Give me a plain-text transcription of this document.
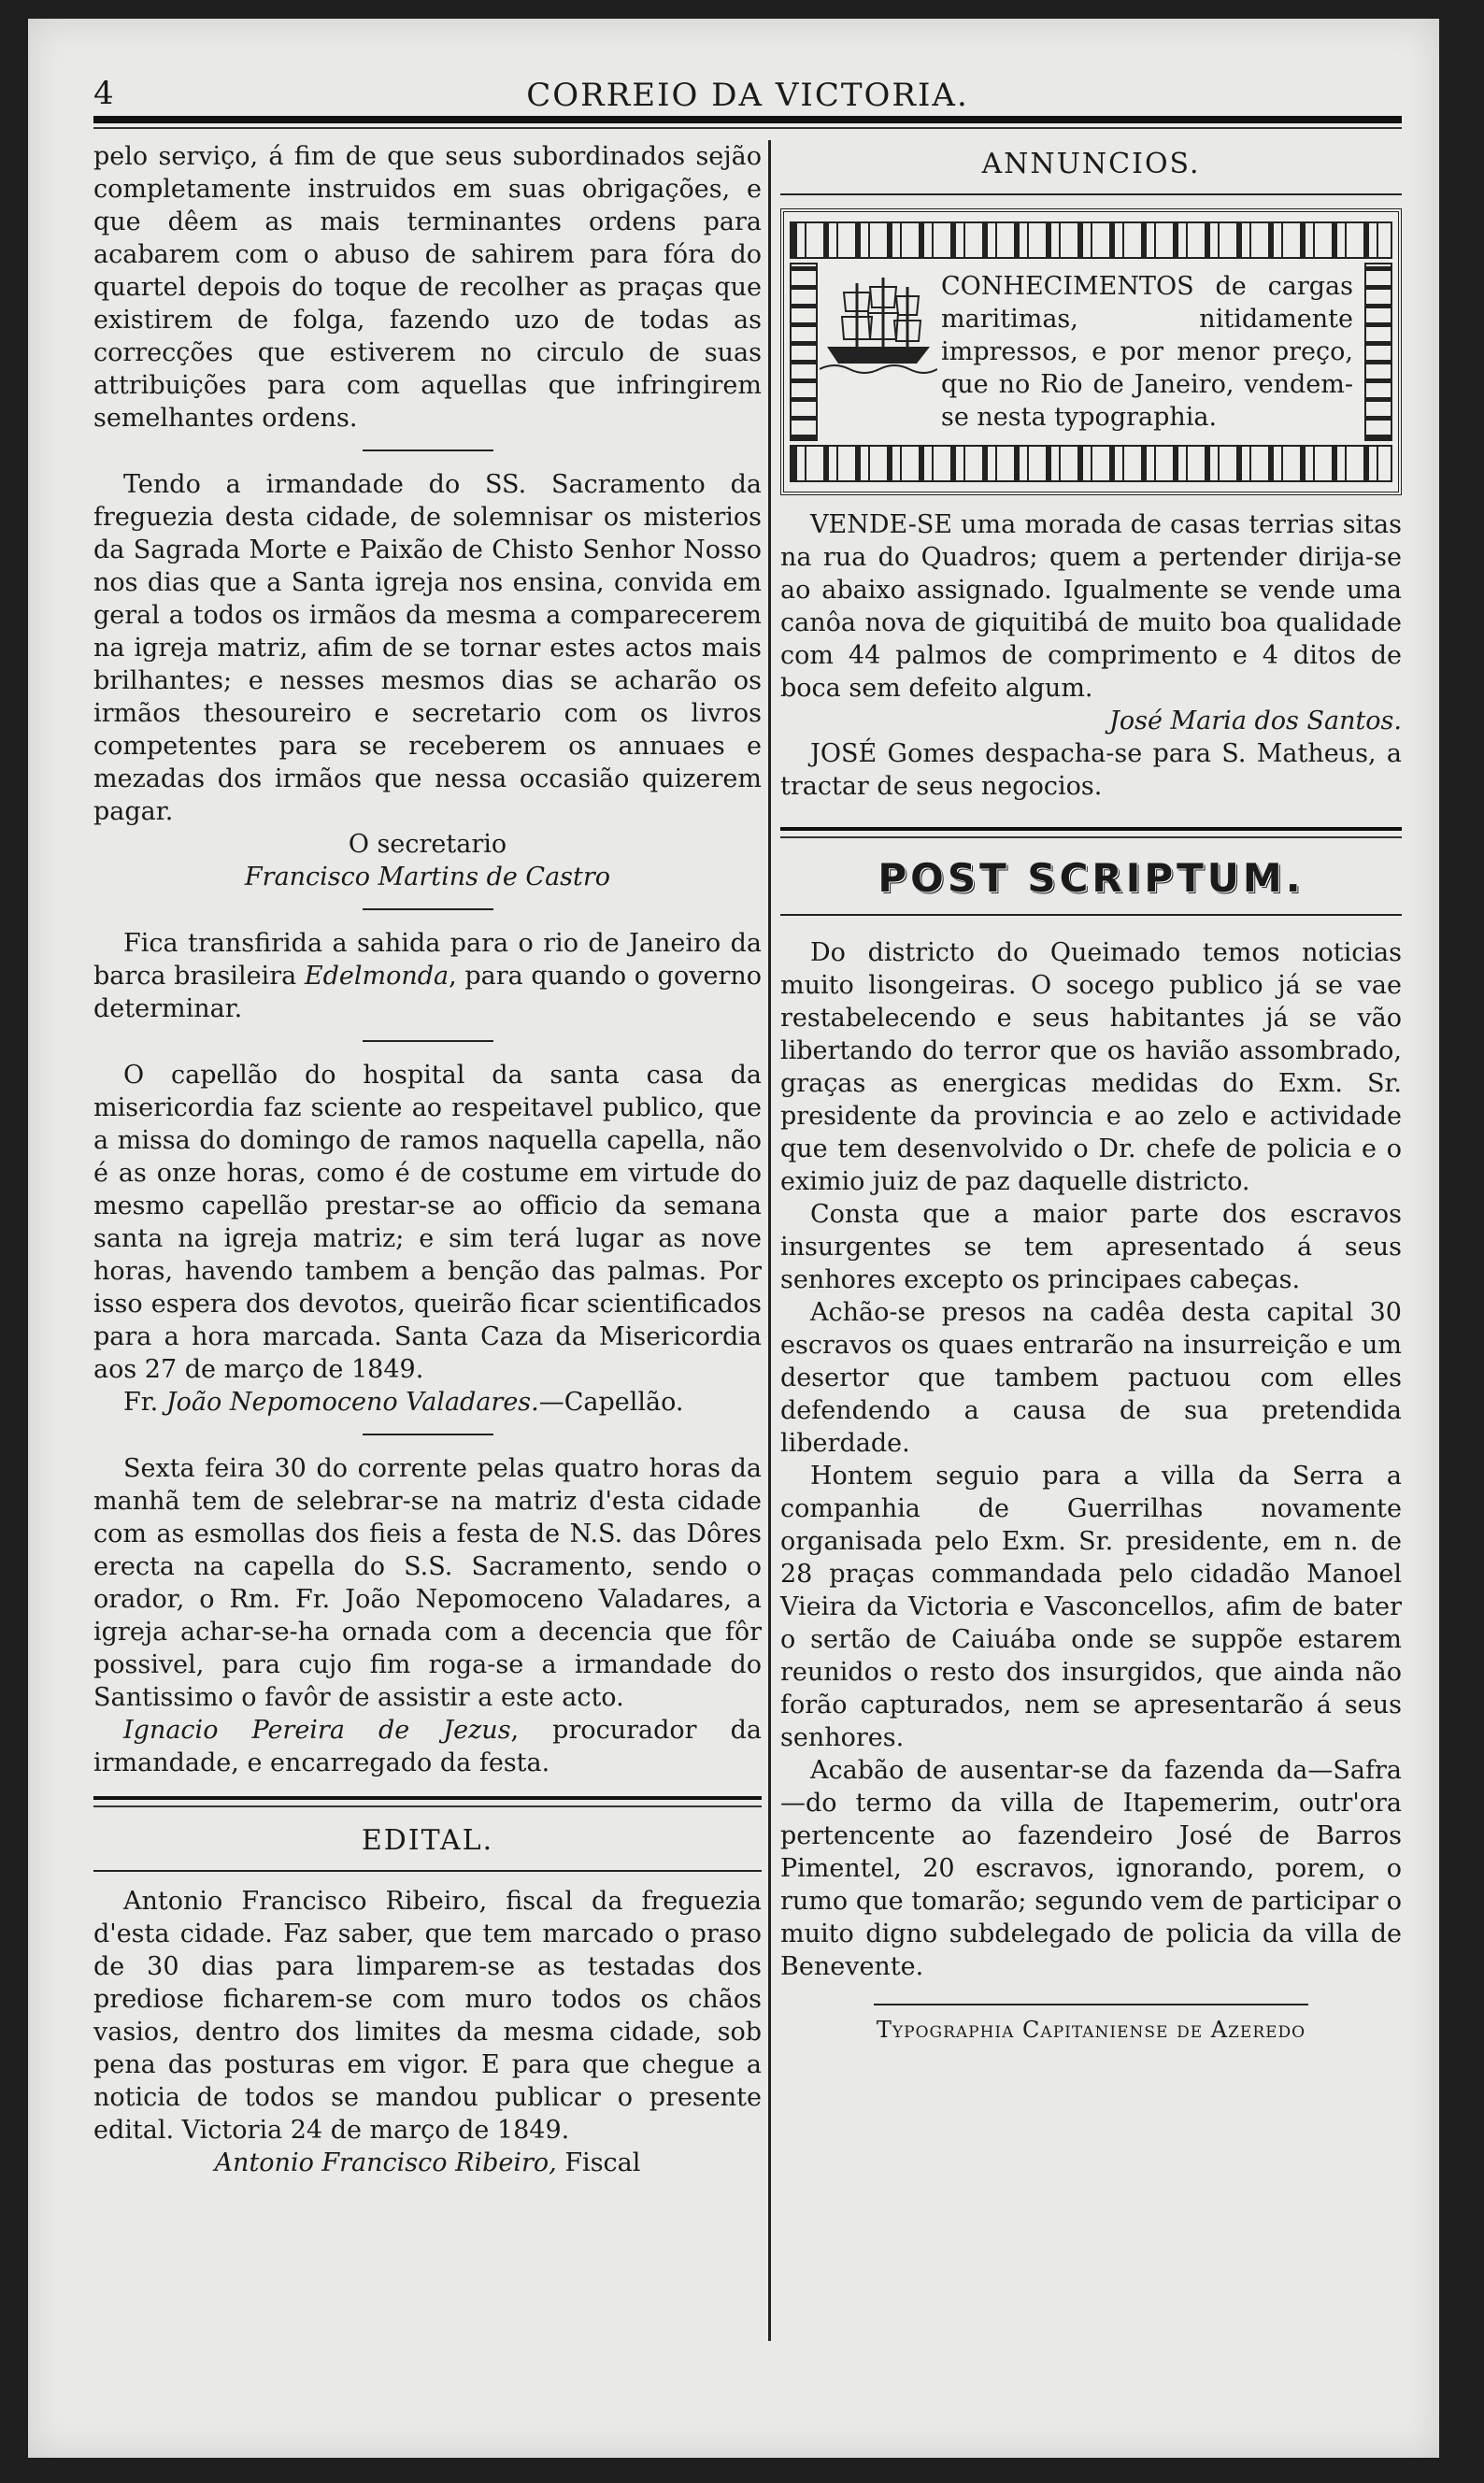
4	CORREIO DA VICTORIA.

pelo serviço, á fim de que seus subordinados sejão completamente instruidos em suas obrigações, e que dêem as mais terminantes ordens para acabarem com o abuso de sahirem para fóra do quartel depois do toque de recolher as praças que existirem de folga, fazendo uzo de todas as correcções que estiverem no circulo de suas attribuições para com aquellas que infringirem semelhantes ordens.

Tendo a irmandade do SS. Sacramento da freguezia desta cidade, de solemnisar os misterios da Sagrada Morte e Paixão de Chisto Senhor Nosso nos dias que a Santa igreja nos ensina, convida em geral a todos os irmãos da mesma a comparecerem na igreja matriz, afim de se tornar estes actos mais brilhantes; e nesses mesmos dias se acharão os irmãos thesoureiro e secretario com os livros competentes para se receberem os annuaes e mezadas dos irmãos que nessa occasião quizerem pagar.

O secretario

Francisco Martins de Castro

Fica transfirida a sahida para o rio de Janeiro da barca brasileira Edelmonda, para quando o governo determinar.

O capellão do hospital da santa casa da misericordia faz sciente ao respeitavel publico, que a missa do domingo de ramos naquella capella, não é as onze horas, como é de costume em virtude do mesmo capellão prestar-se ao officio da semana santa na igreja matriz; e sim terá lugar as nove horas, havendo tambem a benção das palmas. Por isso espera dos devotos, queirão ficar scientificados para a hora marcada. Santa Caza da Misericordia aos 27 de março de 1849.

Fr. João Nepomoceno Valadares.—Capellão.

Sexta feira 30 do corrente pelas quatro horas da manhã tem de selebrar-se na matriz d'esta cidade com as esmollas dos fieis a festa de N.S. das Dôres erecta na capella do S.S. Sacramento, sendo o orador, o Rm. Fr. João Nepomoceno Valadares, a igreja achar-se-ha ornada com a decencia que fôr possivel, para cujo fim roga-se a irmandade do Santissimo o favôr de assistir a este acto.

Ignacio Pereira de Jezus, procurador da irmandade, e encarregado da festa.

EDITAL.

Antonio Francisco Ribeiro, fiscal da freguezia d'esta cidade. Faz saber, que tem marcado o praso de 30 dias para limparem-se as testadas dos prediose ficharem-se com muro todos os chãos vasios, dentro dos limites da mesma cidade, sob pena das posturas em vigor. E para que chegue a noticia de todos se mandou publicar o presente edital. Victoria 24 de março de 1849.

Antonio Francisco Ribeiro, Fiscal

ANNUNCIOS.

CONHECIMENTOS de cargas maritimas, nitidamente impressos, e por menor preço, que no Rio de Janeiro, vendem-se nesta typographia.

VENDE-SE uma morada de casas terrias sitas na rua do Quadros; quem a pertender dirija-se ao abaixo assignado. Igualmente se vende uma canôa nova de giquitibá de muito boa qualidade com 44 palmos de comprimento e 4 ditos de boca sem defeito algum.

José Maria dos Santos.

JOSÉ Gomes despacha-se para S. Matheus, a tractar de seus negocios.

POST SCRIPTUM.

Do districto do Queimado temos noticias muito lisongeiras. O socego publico já se vae restabelecendo e seus habitantes já se vão libertando do terror que os havião assombrado, graças as energicas medidas do Exm. Sr. presidente da provincia e ao zelo e actividade que tem desenvolvido o Dr. chefe de policia e o eximio juiz de paz daquelle districto.

Consta que a maior parte dos escravos insurgentes se tem apresentado á seus senhores excepto os principaes cabeças.

Achão-se presos na cadêa desta capital 30 escravos os quaes entrarão na insurreição e um desertor que tambem pactuou com elles defendendo a causa de sua pretendida liberdade.

Hontem seguio para a villa da Serra a companhia de Guerrilhas novamente organisada pelo Exm. Sr. presidente, em n. de 28 praças commandada pelo cidadão Manoel Vieira da Victoria e Vasconcellos, afim de bater o sertão de Caiuába onde se suppõe estarem reunidos o resto dos insurgidos, que ainda não forão capturados, nem se apresentarão á seus senhores.

Acabão de ausentar-se da fazenda da—Safra—do termo da villa de Itapemerim, outr'ora pertencente ao fazendeiro José de Barros Pimentel, 20 escravos, ignorando, porem, o rumo que tomarão; segundo vem de participar o muito digno subdelegado de policia da villa de Benevente.

Typographia Capitaniense de Azeredo
